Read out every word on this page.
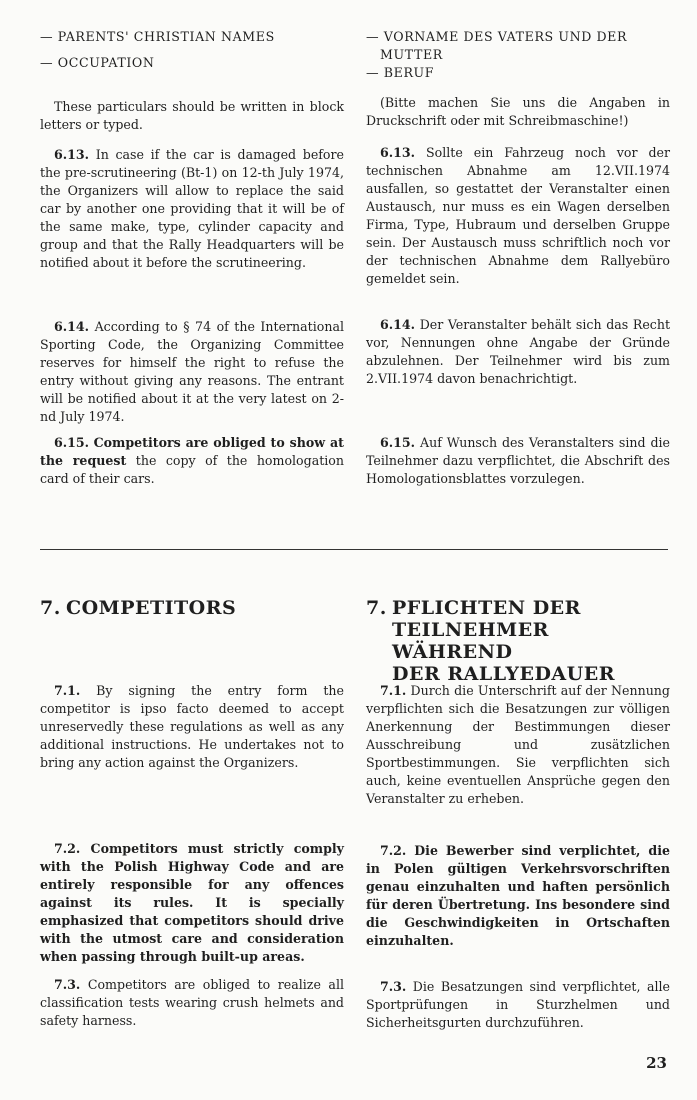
— PARENTS' CHRISTIAN NAMES

— OCCUPATION

These particulars should be written in block letters or typed.

6.13. In case if the car is damaged before the pre-scrutineering (Bt-1) on 12-th July 1974, the Organizers will allow to replace the said car by another one providing that it will be of the same make, type, cylinder capacity and group and that the Rally Headquarters will be notified about it before the scrutineering.

6.14. According to § 74 of the International Sporting Code, the Organizing Committee reserves for himself the right to refuse the entry without giving any reasons. The entrant will be notified about it at the very latest on 2-nd July 1974.

6.15. Competitors are obliged to show at the request the copy of the homologation card of their cars.

— VORNAME DES VATERS UND DER MUTTER

— BERUF

(Bitte machen Sie uns die Angaben in Druckschrift oder mit Schreibmaschine!)

6.13. Sollte ein Fahrzeug noch vor der technischen Abnahme am 12.VII.1974 ausfallen, so gestattet der Veranstalter einen Austausch, nur muss es ein Wagen derselben Firma, Type, Hubraum und derselben Gruppe sein. Der Austausch muss schriftlich noch vor der technischen Abnahme dem Rallyebüro gemeldet sein.

6.14. Der Veranstalter behält sich das Recht vor, Nennungen ohne Angabe der Gründe abzulehnen. Der Teilnehmer wird bis zum 2.VII.1974 davon benachrichtigt.

6.15. Auf Wunsch des Veranstalters sind die Teilnehmer dazu verpflichtet, die Abschrift des Homologationsblattes vorzulegen.

7. COMPETITORS	7. PFLICHTEN DER
TEILNEHMER WÄHREND
DER RALLYEDAUER

7.1. By signing the entry form the competitor is ipso facto deemed to accept unreservedly these regulations as well as any additional instructions. He undertakes not to bring any action against the Organizers.

7.2. Competitors must strictly comply with the Polish Highway Code and are entirely responsible for any offences against its rules. It is specially emphasized that competitors should drive with the utmost care and consideration when passing through built-up areas.

7.3. Competitors are obliged to realize all classification tests wearing crush helmets and safety harness.

7.1. Durch die Unterschrift auf der Nennung verpflichten sich die Besatzungen zur völligen Anerkennung der Bestimmungen dieser Ausschreibung und zusätzlichen Sportbestimmungen. Sie verpflichten sich auch, keine eventuellen Ansprüche gegen den Veranstalter zu erheben.

7.2. Die Bewerber sind verplichtet, die in Polen gültigen Verkehrsvorschriften genau einzuhalten und haften persönlich für deren Übertretung. Ins besondere sind die Geschwindigkeiten in Ortschaften einzuhalten.

7.3. Die Besatzungen sind verpflichtet, alle Sportprüfungen in Sturzhelmen und Sicherheitsgurten durchzuführen.

23
